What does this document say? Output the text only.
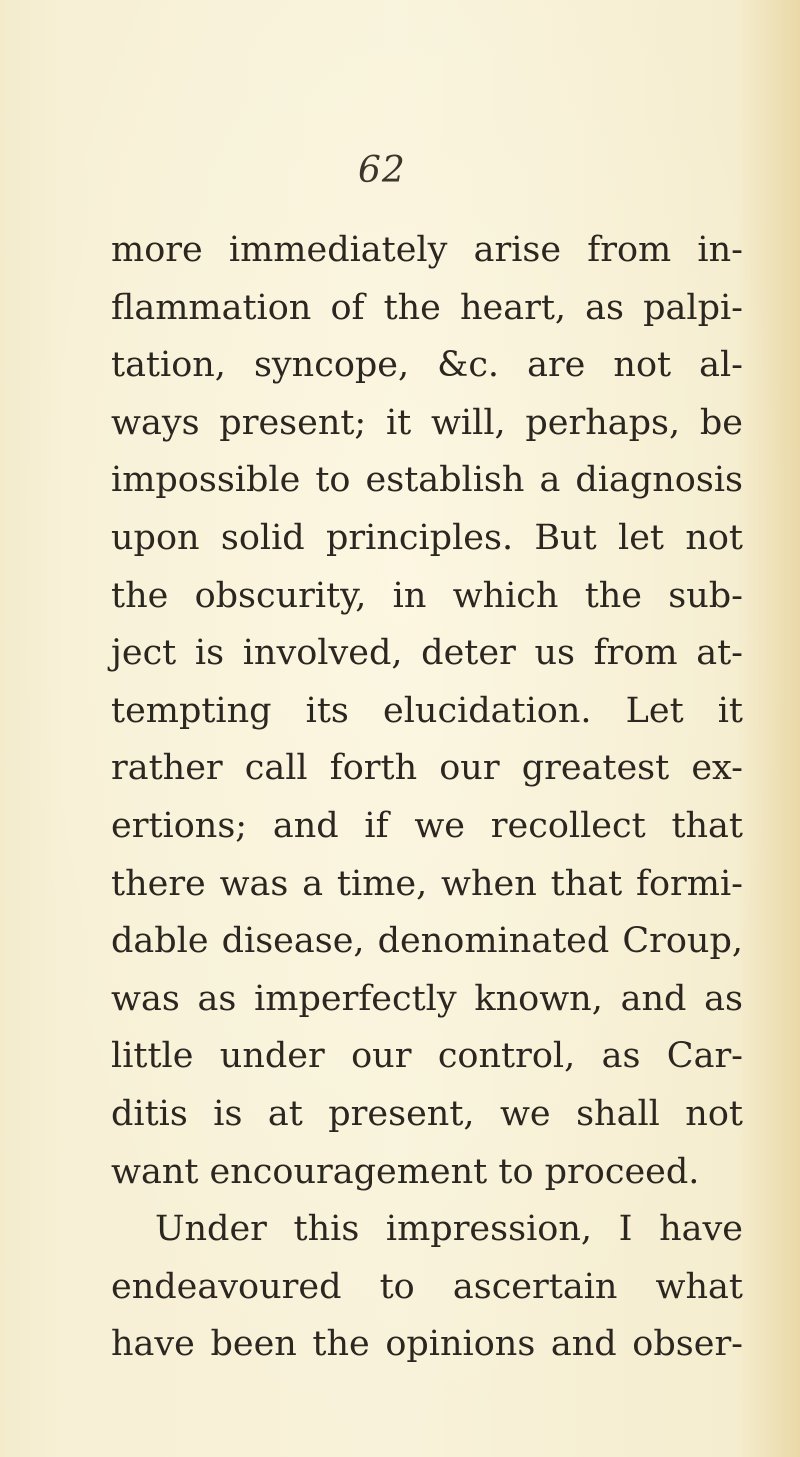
62
more immediately arise from in-
flammation of the heart, as palpi-
tation, syncope, &c. are not al-
ways present; it will, perhaps, be
impossible to establish a diagnosis
upon solid principles. But let not
the obscurity, in which the sub-
ject is involved, deter us from at-
tempting its elucidation. Let it
rather call forth our greatest ex-
ertions; and if we recollect that
there was a time, when that formi-
dable disease, denominated Croup,
was as imperfectly known, and as
little under our control, as Car-
ditis is at present, we shall not
want encouragement to proceed.
Under this impression, I have
endeavoured to ascertain what
have been the opinions and obser-
